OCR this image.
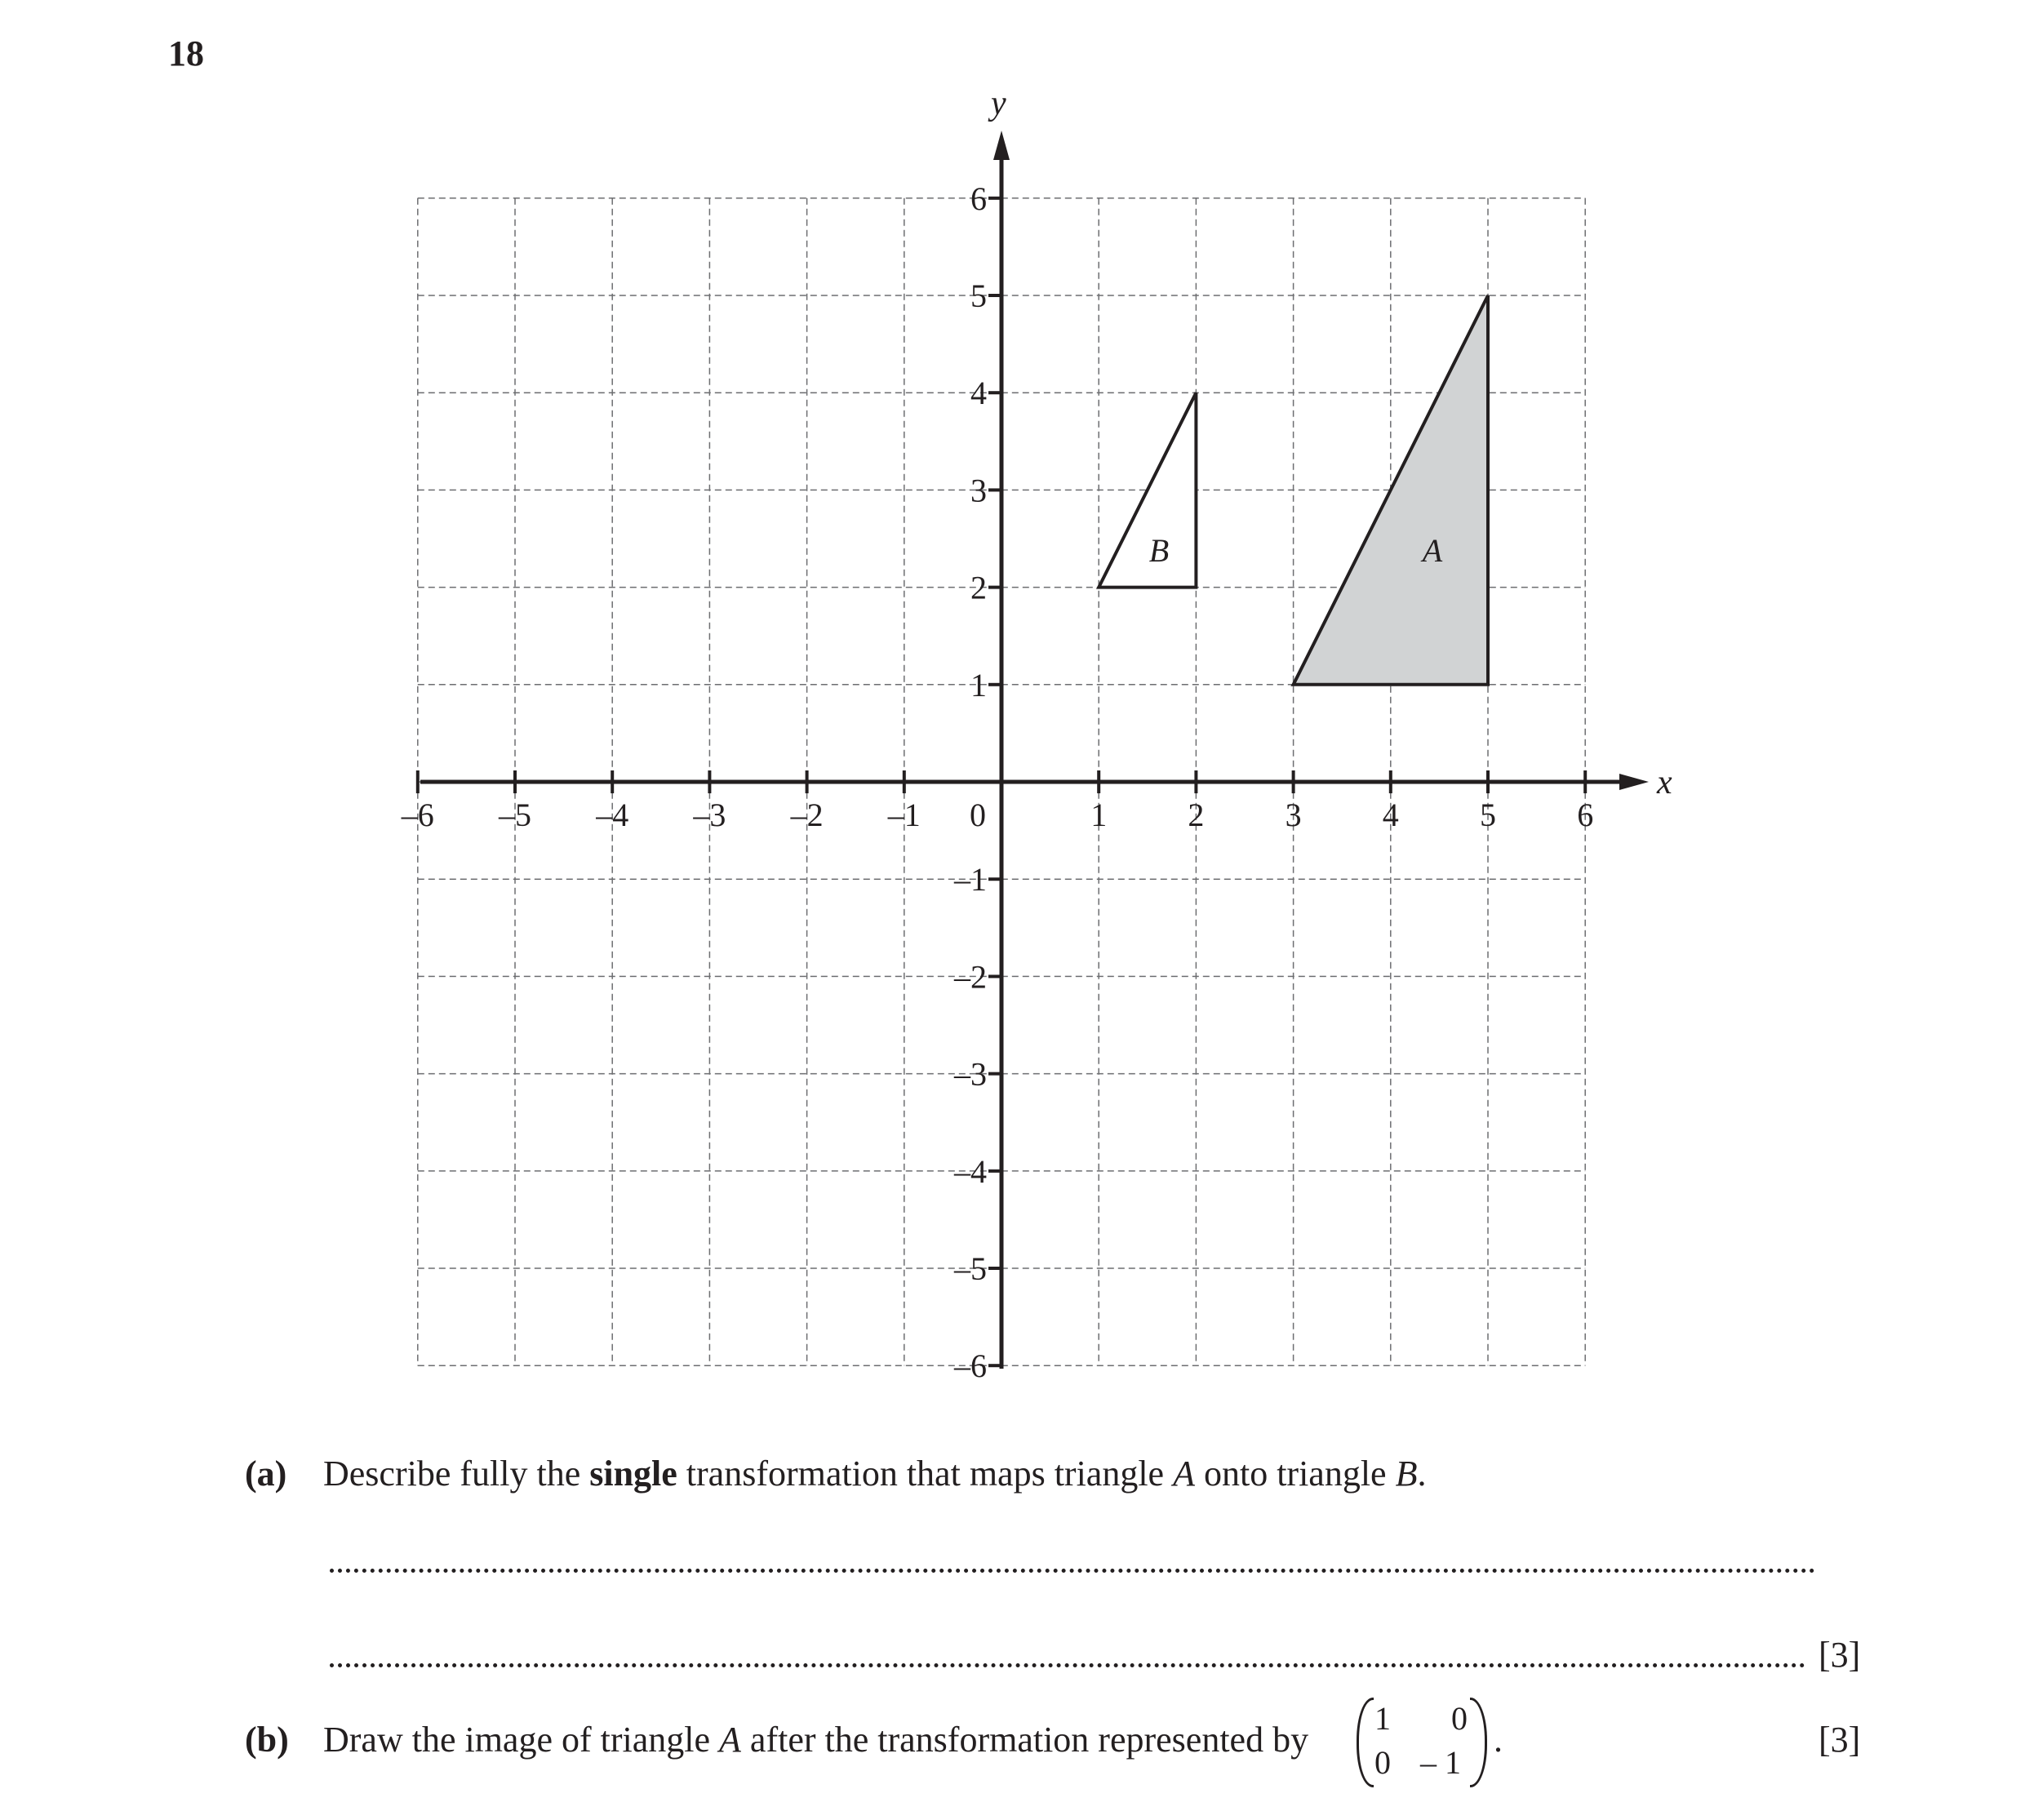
18
–6 –5 –4 –3 –2 –1	1 2 3 4 5 6
1
2
3
4
5
6
–1
–2
–3
–4
–5
–6
x
y
0
A
B
(a) Describe fully the single transformation that maps triangle A onto triangle B.
[3]
(b) Draw the image of triangle A after the transformation represented by
1 0
0 – 1
.	[3]
